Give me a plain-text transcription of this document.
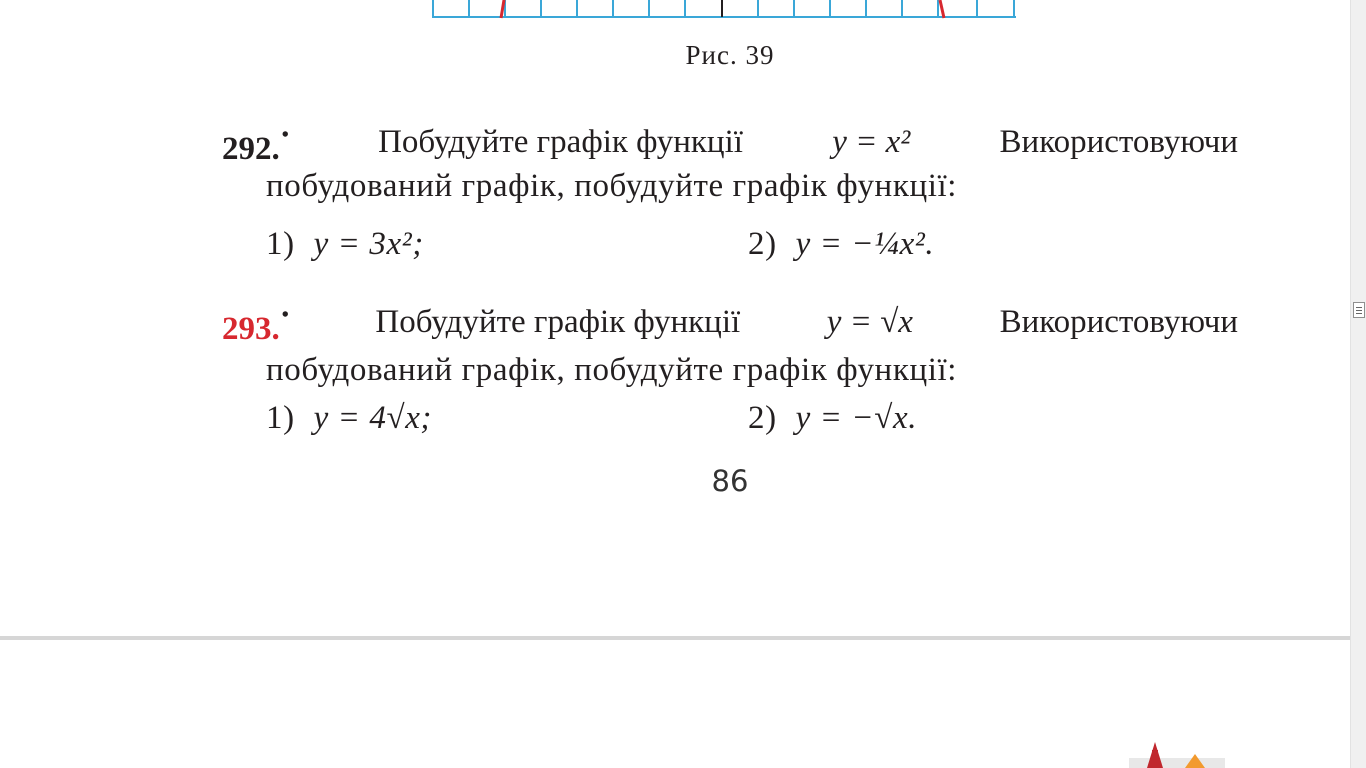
Рис. 39
292. •	Побудуйте графік функції	y = x²	Використовуючи
побудований графік, побудуйте графік функції:
1) y = 3x²;	2) y = −¼x².
293. •	Побудуйте графік функції	y = √x	Використовуючи
побудований графік, побудуйте графік функції:
1) y = 4√x;	2) y = −√x.
86
